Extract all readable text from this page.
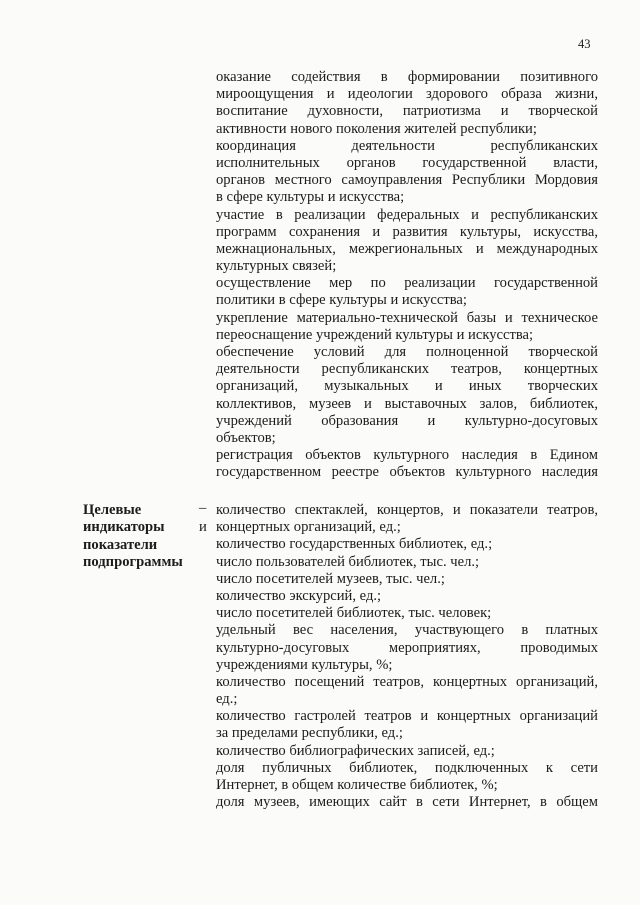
43
оказание содействия в формировании позитивного
мироощущения и идеологии здорового образа жизни,
воспитание духовности, патриотизма и творческой
активности нового поколения жителей республики;
координация деятельности республиканских
исполнительных органов государственной власти,
органов местного самоуправления Республики Мордовия
в сфере культуры и искусства;
участие в реализации федеральных и республиканских
программ сохранения и развития культуры, искусства,
межнациональных, межрегиональных и международных
культурных связей;
осуществление мер по реализации государственной
политики в сфере культуры и искусства;
укрепление материально-технической базы и техническое
переоснащение учреждений культуры и искусства;
обеспечение условий для полноценной творческой
деятельности республиканских театров, концертных
организаций, музыкальных и иных творческих
коллективов, музеев и выставочных залов, библиотек,
учреждений образования и культурно-досуговых
объектов;
регистрация объектов культурного наследия в Едином
государственном реестре объектов культурного наследия
Целевые
индикаторы
показатели
подпрограммы
–
и
количество спектаклей, концертов, и показатели театров,
концертных организаций, ед.;
количество государственных библиотек, ед.;
число пользователей библиотек, тыс. чел.;
число посетителей музеев, тыс. чел.;
количество экскурсий, ед.;
число посетителей библиотек, тыс. человек;
удельный вес населения, участвующего в платных
культурно-досуговых мероприятиях, проводимых
учреждениями культуры, %;
количество посещений театров, концертных организаций,
ед.;
количество гастролей театров и концертных организаций
за пределами республики, ед.;
количество библиографических записей, ед.;
доля публичных библиотек, подключенных к сети
Интернет, в общем количестве библиотек, %;
доля музеев, имеющих сайт в сети Интернет, в общем
